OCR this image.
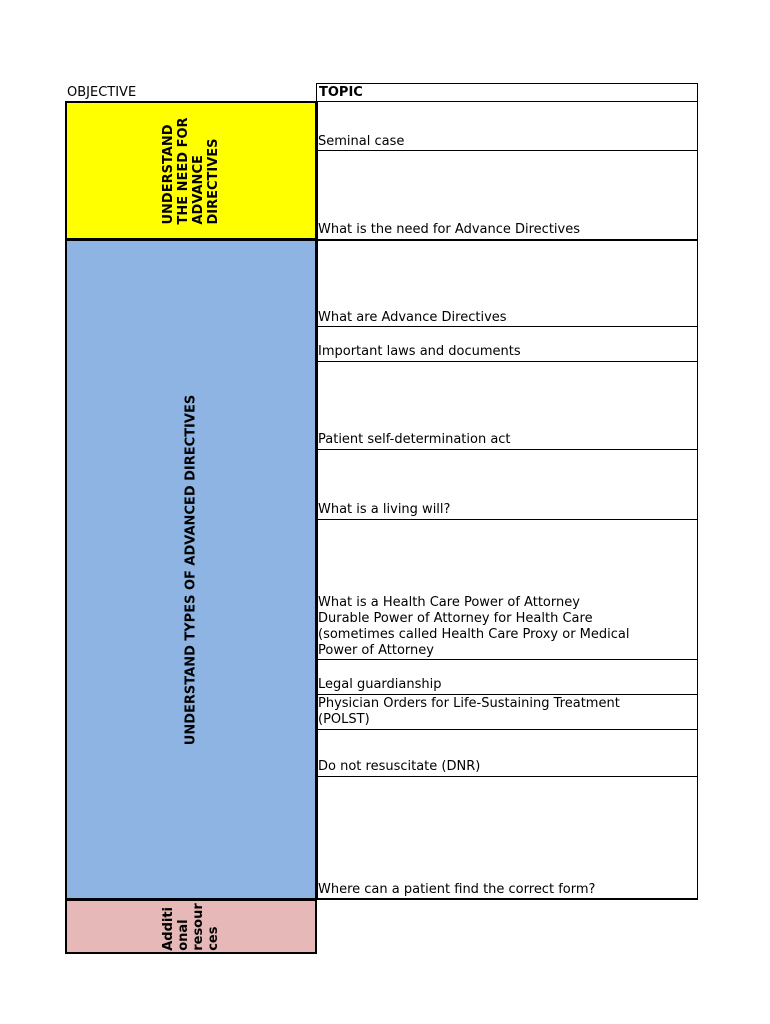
OBJECTIVE	TOPIC
UNDERSTAND
THE NEED FOR
ADVANCE
DIRECTIVES
UNDERSTAND TYPES OF ADVANCED DIRECTIVES
Additi
onal
resour
ces
Seminal case
What is the need for Advance Directives
What are Advance Directives
Important laws and documents
Patient self-determination act
What is a living will?
What is a Health Care Power of Attorney
Durable Power of Attorney for Health Care
(sometimes called Health Care Proxy or Medical
Power of Attorney
Legal guardianship
Physician Orders for Life-Sustaining Treatment
(POLST)
Do not resuscitate (DNR)
Where can a patient find the correct form?
